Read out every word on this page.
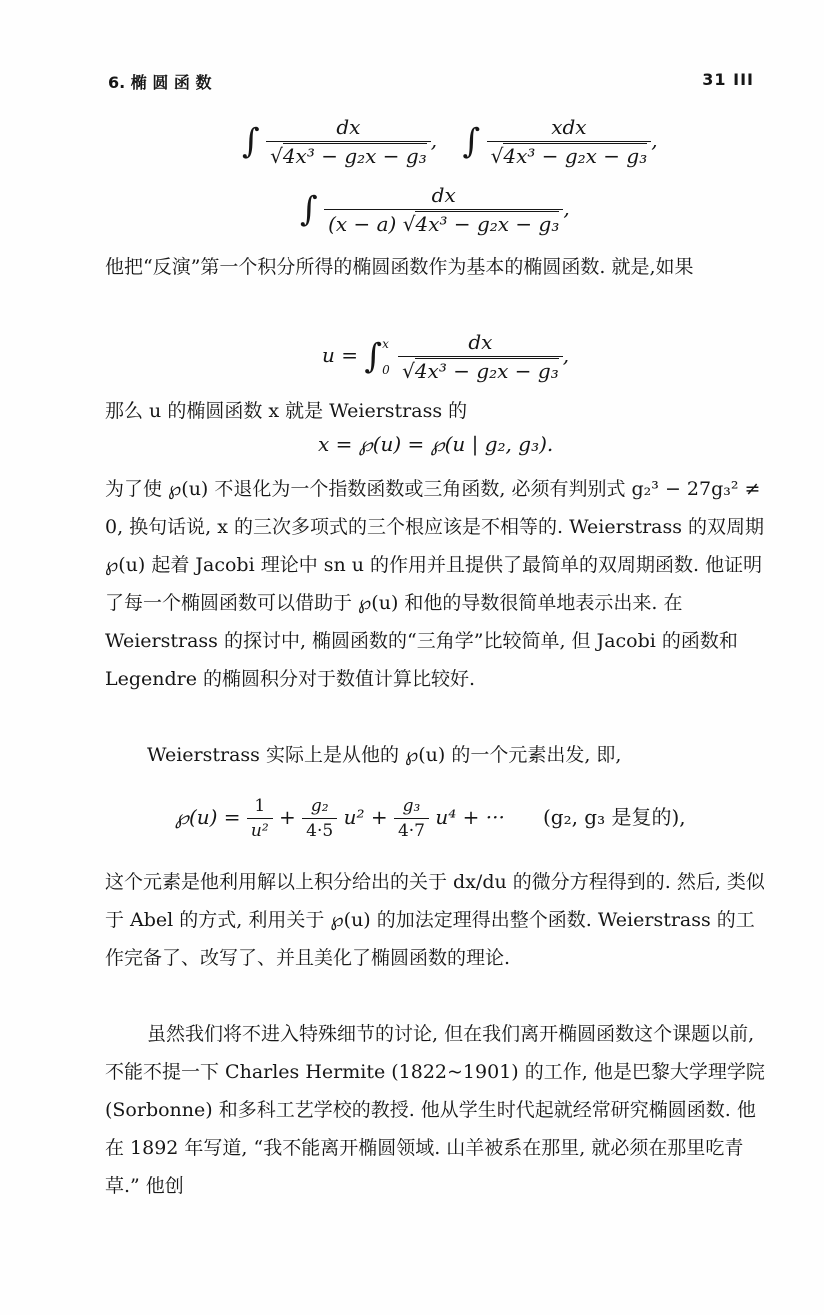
6. 椭 圆 函 数	31 III
∫ $\frac{dx}{\text{√4x³ − g₂x − g₃}}$ ,    ∫ $\frac{\text{xdx}}{\text{√4x³ − g₂x − g₃}}$ ,
∫ $\frac{dx}{\text{(x − a) √4x³ − g₂x − g₃}}$ ,
他把“反演”第一个积分所得的椭圆函数作为基本的椭圆函数. 就是,如果
u = ∫ x
0
$\frac{dx}{\text{√4x³ − g₂x − g₃}}$ ,
那么 u 的椭圆函数 x 就是 Weierstrass 的
x = ℘(u) = ℘(u | g₂, g₃).
为了使 ℘(u) 不退化为一个指数函数或三角函数, 必须有判别式 g₂³ − 27g₃² ≠ 0, 换句话说, x 的三次多项式的三个根应该是不相等的. Weierstrass 的双周期 ℘(u) 起着 Jacobi 理论中 sn u 的作用并且提供了最简单的双周期函数. 他证明了每一个椭圆函数可以借助于 ℘(u) 和他的导数很简单地表示出来. 在 Weierstrass 的探讨中, 椭圆函数的“三角学”比较简单, 但 Jacobi 的函数和 Legendre 的椭圆积分对于数值计算比较好.
Weierstrass 实际上是从他的 ℘(u) 的一个元素出发, 即,
℘(u) = $\frac{1}{\text{u²}} + \frac{\text{g₂}}{4\cdot 5} u^2 + \frac{\text{g₃}}{4\cdot 7} u^4$ + ··· (g₂, g₃ 是复的),
这个元素是他利用解以上积分给出的关于 dx/du 的微分方程得到的. 然后, 类似于 Abel 的方式, 利用关于 ℘(u) 的加法定理得出整个函数. Weierstrass 的工作完备了、改写了、并且美化了椭圆函数的理论.
虽然我们将不进入特殊细节的讨论, 但在我们离开椭圆函数这个课题以前, 不能不提一下 Charles Hermite (1822~1901) 的工作, 他是巴黎大学理学院 (Sorbonne) 和多科工艺学校的教授. 他从学生时代起就经常研究椭圆函数. 他在 1892 年写道, “我不能离开椭圆领域. 山羊被系在那里, 就必须在那里吃青草.” 他创
